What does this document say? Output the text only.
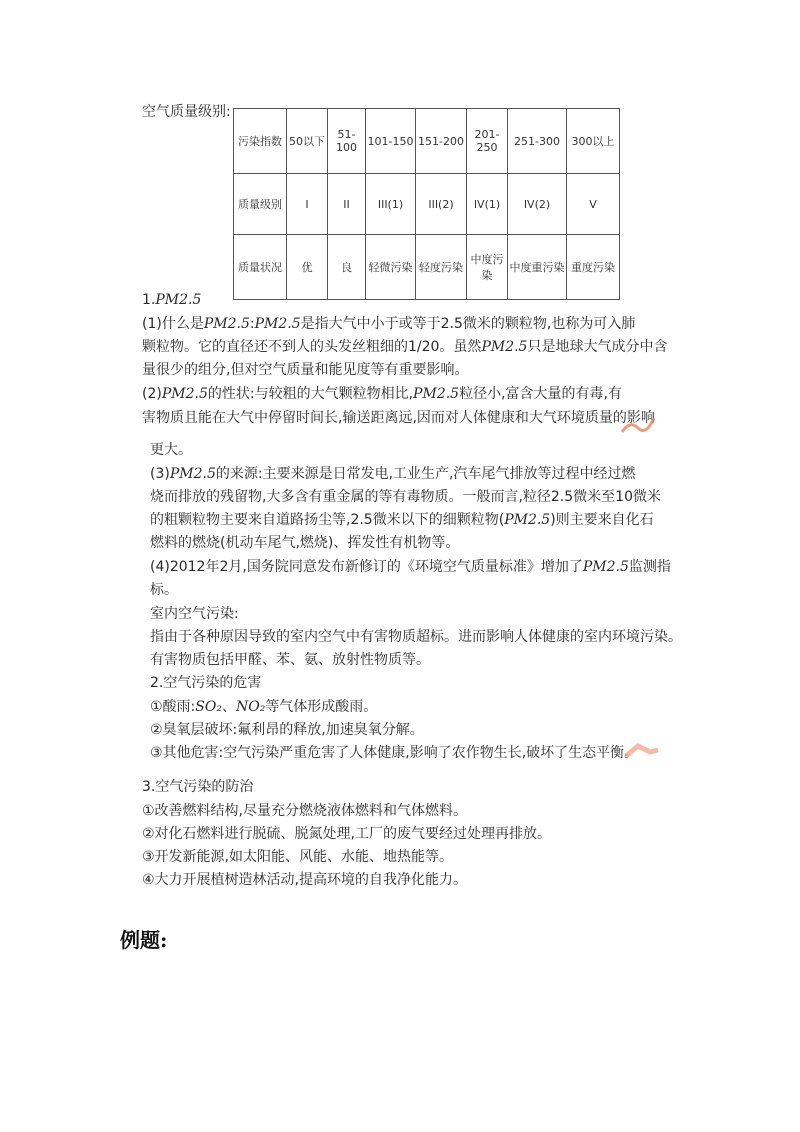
空气质量级别:
污染指数	50以下	51-100	101-150	151-200	201-250	251-300	300以上
质量级别	I	II	III(1)	III(2)	IV(1)	IV(2)	V
质量状况	优	良	轻微污染	轻度污染	中度污染	中度重污染	重度污染
1.PM2.5
(1)什么是PM2.5:PM2.5是指大气中小于或等于2.5微米的颗粒物,也称为可入肺
颗粒物。它的直径还不到人的头发丝粗细的1/20。虽然PM2.5只是地球大气成分中含
量很少的组分,但对空气质量和能见度等有重要影响。
(2)PM2.5的性状:与较粗的大气颗粒物相比,PM2.5粒径小,富含大量的有毒,有
害物质且能在大气中停留时间长,输送距离远,因而对人体健康和大气环境质量的影响
更大。
(3)PM2.5的来源:主要来源是日常发电,工业生产,汽车尾气排放等过程中经过燃
烧而排放的残留物,大多含有重金属的等有毒物质。一般而言,粒径2.5微米至10微米
的粗颗粒物主要来自道路扬尘等,2.5微米以下的细颗粒物(PM2.5)则主要来自化石
燃料的燃烧(机动车尾气,燃烧)、挥发性有机物等。
(4)2012年2月,国务院同意发布新修订的《环境空气质量标准》增加了PM2.5监测指
标。
室内空气污染:
指由于各种原因导致的室内空气中有害物质超标。进而影响人体健康的室内环境污染。
有害物质包括甲醛、苯、氨、放射性物质等。
2.空气污染的危害
①酸雨:SO₂、NO₂等气体形成酸雨。
②臭氧层破坏:氟利昂的释放,加速臭氧分解。
③其他危害:空气污染严重危害了人体健康,影响了农作物生长,破坏了生态平衡。
3.空气污染的防治
①改善燃料结构,尽量充分燃烧液体燃料和气体燃料。
②对化石燃料进行脱硫、脱氮处理,工厂的废气要经过处理再排放。
③开发新能源,如太阳能、风能、水能、地热能等。
④大力开展植树造林活动,提高环境的自我净化能力。
例题:
